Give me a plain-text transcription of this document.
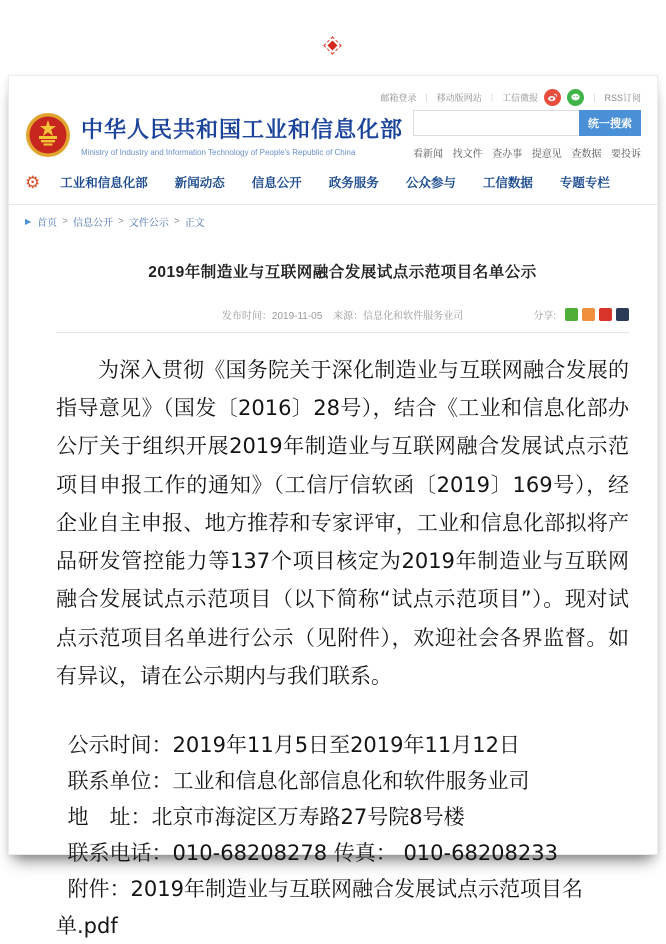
邮箱登录 | 移动版网站 | 工信微报	| RSS订阅
中华人民共和国工业和信息化部
Ministry of Industry and Information Technology of People's Republic of China
统一搜索
看新闻 找文件 查办事 提意见 查数据 要投诉
⚙ 工业和信息化部 新闻动态 信息公开 政务服务 公众参与 工信数据 专题专栏
▶ 首页 > 信息公开 > 文件公示 > 正文
2019年制造业与互联网融合发展试点示范项目名单公示
发布时间：2019-11-05 来源：信息化和软件服务业司	分享:

为深入贯彻《国务院关于深化制造业与互联网融合发展的指导意见》（国发〔2016〕28号），结合《工业和信息化部办公厅关于组织开展2019年制造业与互联网融合发展试点示范项目申报工作的通知》（工信厅信软函〔2019〕169号），经企业自主申报、地方推荐和专家评审，工业和信息化部拟将产品研发管控能力等137个项目核定为2019年制造业与互联网融合发展试点示范项目（以下简称“试点示范项目”）。现对试点示范项目名单进行公示（见附件），欢迎社会各界监督。如有异议，请在公示期内与我们联系。

公示时间：2019年11月5日至2019年11月12日

联系单位：工业和信息化部信息化和软件服务业司

地　址：北京市海淀区万寿路27号院8号楼

联系电话：010-68208278 传真： 010-68208233

附件：2019年制造业与互联网融合发展试点示范项目名单.pdf
